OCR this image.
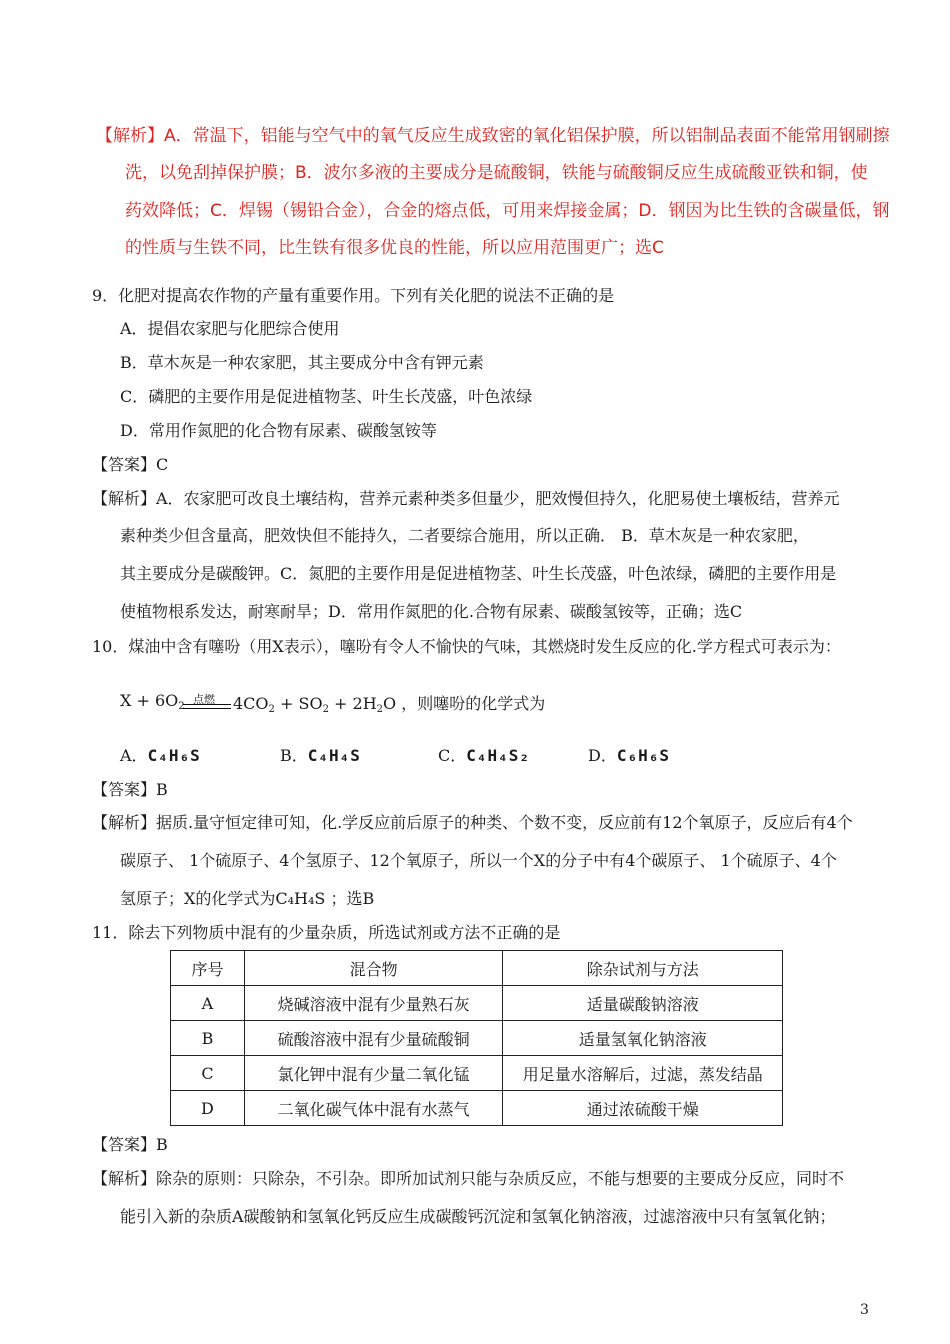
【解析】A．常温下，铝能与空气中的氧气反应生成致密的氧化铝保护膜，所以铝制品表面不能常用钢刷擦
洗，以免刮掉保护膜；B．波尔多液的主要成分是硫酸铜，铁能与硫酸铜反应生成硫酸亚铁和铜，使
药效降低；C．焊锡（锡铅合金），合金的熔点低，可用来焊接金属；D．钢因为比生铁的含碳量低，钢
的性质与生铁不同，比生铁有很多优良的性能，所以应用范围更广；选C
9．化肥对提高农作物的产量有重要作用。下列有关化肥的说法不正确的是
A．提倡农家肥与化肥综合使用
B．草木灰是一种农家肥，其主要成分中含有钾元素
C．磷肥的主要作用是促进植物茎、叶生长茂盛，叶色浓绿
D．常用作氮肥的化合物有尿素、碳酸氢铵等
【答案】C
【解析】A．农家肥可改良土壤结构，营养元素种类多但量少，肥效慢但持久，化肥易使土壤板结，营养元
素种类少但含量高，肥效快但不能持久，二者要综合施用，所以正确． B．草木灰是一种农家肥，
其主要成分是碳酸钾。C．氮肥的主要作用是促进植物茎、叶生长茂盛，叶色浓绿，磷肥的主要作用是
使植物根系发达，耐寒耐旱；D．常用作氮肥的化.合物有尿素、碳酸氢铵等，正确；选C
10．煤油中含有噻吩（用X表示），噻吩有令人不愉快的气味，其燃烧时发生反应的化.学方程式可表示为：
点燃
$X + 6O_2$	$4CO_2 + SO_2 + 2H_2O$ ，则噻吩的化学式为
A．C₄H₆S	B．C₄H₄S	C．C₄H₄S₂	D．C₆H₆S
【答案】B
【解析】据质.量守恒定律可知，化.学反应前后原子的种类、个数不变，反应前有12个氧原子，反应后有4个
碳原子、 1个硫原子、4个氢原子、12个氧原子，所以一个X的分子中有4个碳原子、 1个硫原子、4个
氢原子；X的化学式为C₄H₄S ；选B
11．除去下列物质中混有的少量杂质，所选试剂或方法不正确的是
序号	混合物	除杂试剂与方法
A	烧碱溶液中混有少量熟石灰	适量碳酸钠溶液
B	硫酸溶液中混有少量硫酸铜	适量氢氧化钠溶液
C	氯化钾中混有少量二氧化锰	用足量水溶解后，过滤，蒸发结晶
D	二氧化碳气体中混有水蒸气	通过浓硫酸干燥
【答案】B
【解析】除杂的原则：只除杂，不引杂。即所加试剂只能与杂质反应，不能与想要的主要成分反应，同时不
能引入新的杂质A碳酸钠和氢氧化钙反应生成碳酸钙沉淀和氢氧化钠溶液，过滤溶液中只有氢氧化钠；
3
